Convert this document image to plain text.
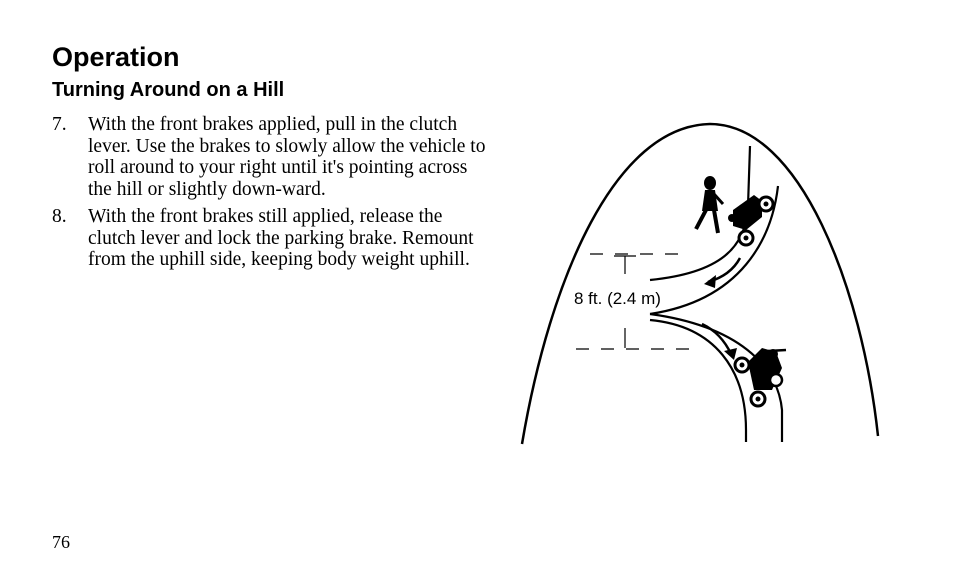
Operation
Turning Around on a Hill
7.	With the front brakes applied, pull in the clutch lever. Use the brakes to slowly allow the vehicle to roll around to your right until it's pointing across the hill or slightly down-ward.
8.	With the front brakes still applied, release the clutch lever and lock the parking brake. Remount from the uphill side, keeping body weight uphill.
8 ft. (2.4 m)
76
